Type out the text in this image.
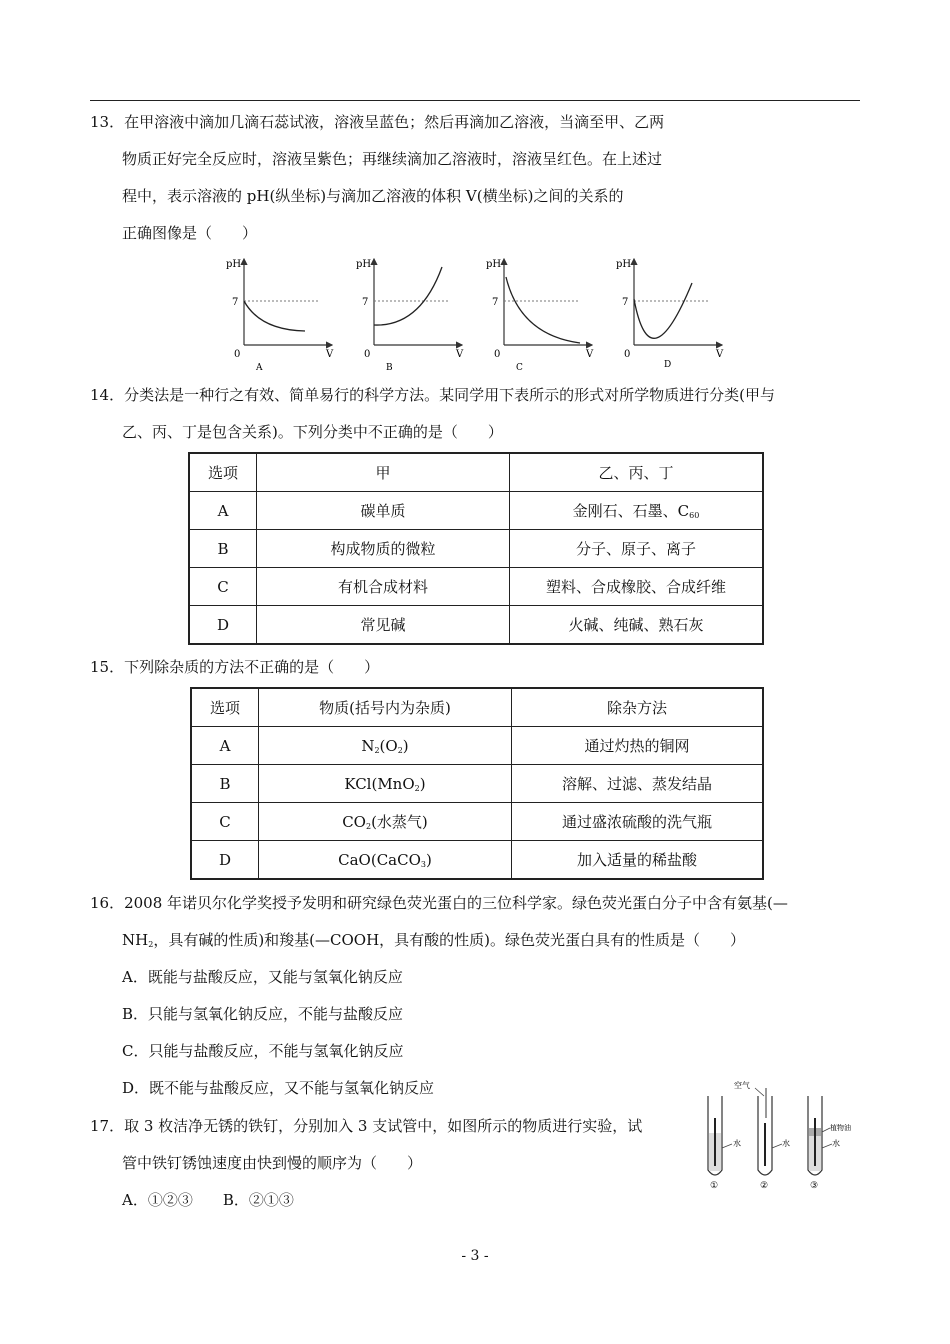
13．在甲溶液中滴加几滴石蕊试液，溶液呈蓝色；然后再滴加乙溶液，当滴至甲、乙两
物质正好完全反应时，溶液呈紫色；再继续滴加乙溶液时，溶液呈红色。在上述过
程中，表示溶液的 pH(纵坐标)与滴加乙溶液的体积 V(横坐标)之间的关系的
正确图像是（　　）
pH
7
0	V
A
pH
7
0	V
B
pH
7
0	V
C
pH
7
0	V
D
14．分类法是一种行之有效、简单易行的科学方法。某同学用下表所示的形式对所学物质进行分类(甲与
乙、丙、丁是包含关系)。下列分类中不正确的是（　　）
选项	甲	乙、丙、丁
A	碳单质	金刚石、石墨、$C_{60}$
B	构成物质的微粒	分子、原子、离子
C	有机合成材料	塑料、合成橡胶、合成纤维
D	常见碱	火碱、纯碱、熟石灰
15．下列除杂质的方法不正确的是（　　）
选项	物质(括号内为杂质)	除杂方法
A	$N_2(O_2)$	通过灼热的铜网
B	KCl(MnO$_2$)	溶解、过滤、蒸发结晶
C	$CO_2$(水蒸气)	通过盛浓硫酸的洗气瓶
D	CaO(CaCO$_3$)	加入适量的稀盐酸
16．2008 年诺贝尔化学奖授予发明和研究绿色荧光蛋白的三位科学家。绿色荧光蛋白分子中含有氨基(—
$NH_2$，具有碱的性质)和羧基(—COOH，具有酸的性质)。绿色荧光蛋白具有的性质是（　　）
A．既能与盐酸反应，又能与氢氧化钠反应
B．只能与氢氧化钠反应，不能与盐酸反应
C．只能与盐酸反应，不能与氢氧化钠反应
D．既不能与盐酸反应，又不能与氢氧化钠反应
17．取 3 枚洁净无锈的铁钉，分别加入 3 支试管中，如图所示的物质进行实验，试
管中铁钉锈蚀速度由快到慢的顺序为（　　）
A．①②③　　B．②①③
水
①
空气
水
②
植物油
水
③
- 3 -
